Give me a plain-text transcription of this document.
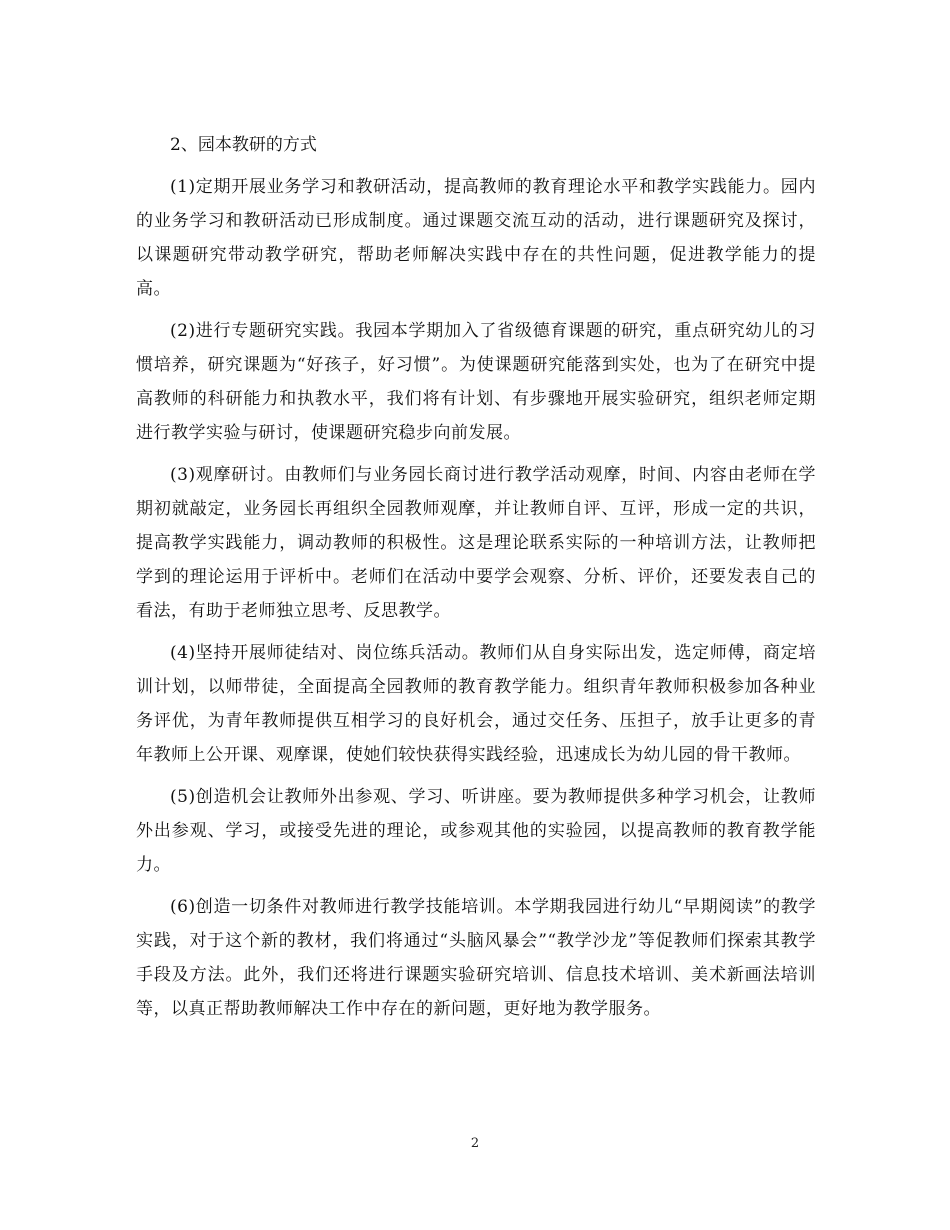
2、园本教研的方式

(1)定期开展业务学习和教研活动，提高教师的教育理论水平和教学实践能力。园内的业务学习和教研活动已形成制度。通过课题交流互动的活动，进行课题研究及探讨，以课题研究带动教学研究，帮助老师解决实践中存在的共性问题，促进教学能力的提高。

(2)进行专题研究实践。我园本学期加入了省级德育课题的研究，重点研究幼儿的习惯培养，研究课题为“好孩子，好习惯”。为使课题研究能落到实处，也为了在研究中提高教师的科研能力和执教水平，我们将有计划、有步骤地开展实验研究，组织老师定期进行教学实验与研讨，使课题研究稳步向前发展。

(3)观摩研讨。由教师们与业务园长商讨进行教学活动观摩，时间、内容由老师在学期初就敲定，业务园长再组织全园教师观摩，并让教师自评、互评，形成一定的共识，提高教学实践能力，调动教师的积极性。这是理论联系实际的一种培训方法，让教师把学到的理论运用于评析中。老师们在活动中要学会观察、分析、评价，还要发表自己的看法，有助于老师独立思考、反思教学。

(4)坚持开展师徒结对、岗位练兵活动。教师们从自身实际出发，选定师傅，商定培训计划，以师带徒，全面提高全园教师的教育教学能力。组织青年教师积极参加各种业务评优，为青年教师提供互相学习的良好机会，通过交任务、压担子，放手让更多的青年教师上公开课、观摩课，使她们较快获得实践经验，迅速成长为幼儿园的骨干教师。

(5)创造机会让教师外出参观、学习、听讲座。要为教师提供多种学习机会，让教师外出参观、学习，或接受先进的理论，或参观其他的实验园，以提高教师的教育教学能力。

(6)创造一切条件对教师进行教学技能培训。本学期我园进行幼儿“早期阅读”的教学实践，对于这个新的教材，我们将通过“头脑风暴会”“教学沙龙”等促教师们探索其教学手段及方法。此外，我们还将进行课题实验研究培训、信息技术培训、美术新画法培训等，以真正帮助教师解决工作中存在的新问题，更好地为教学服务。

2
